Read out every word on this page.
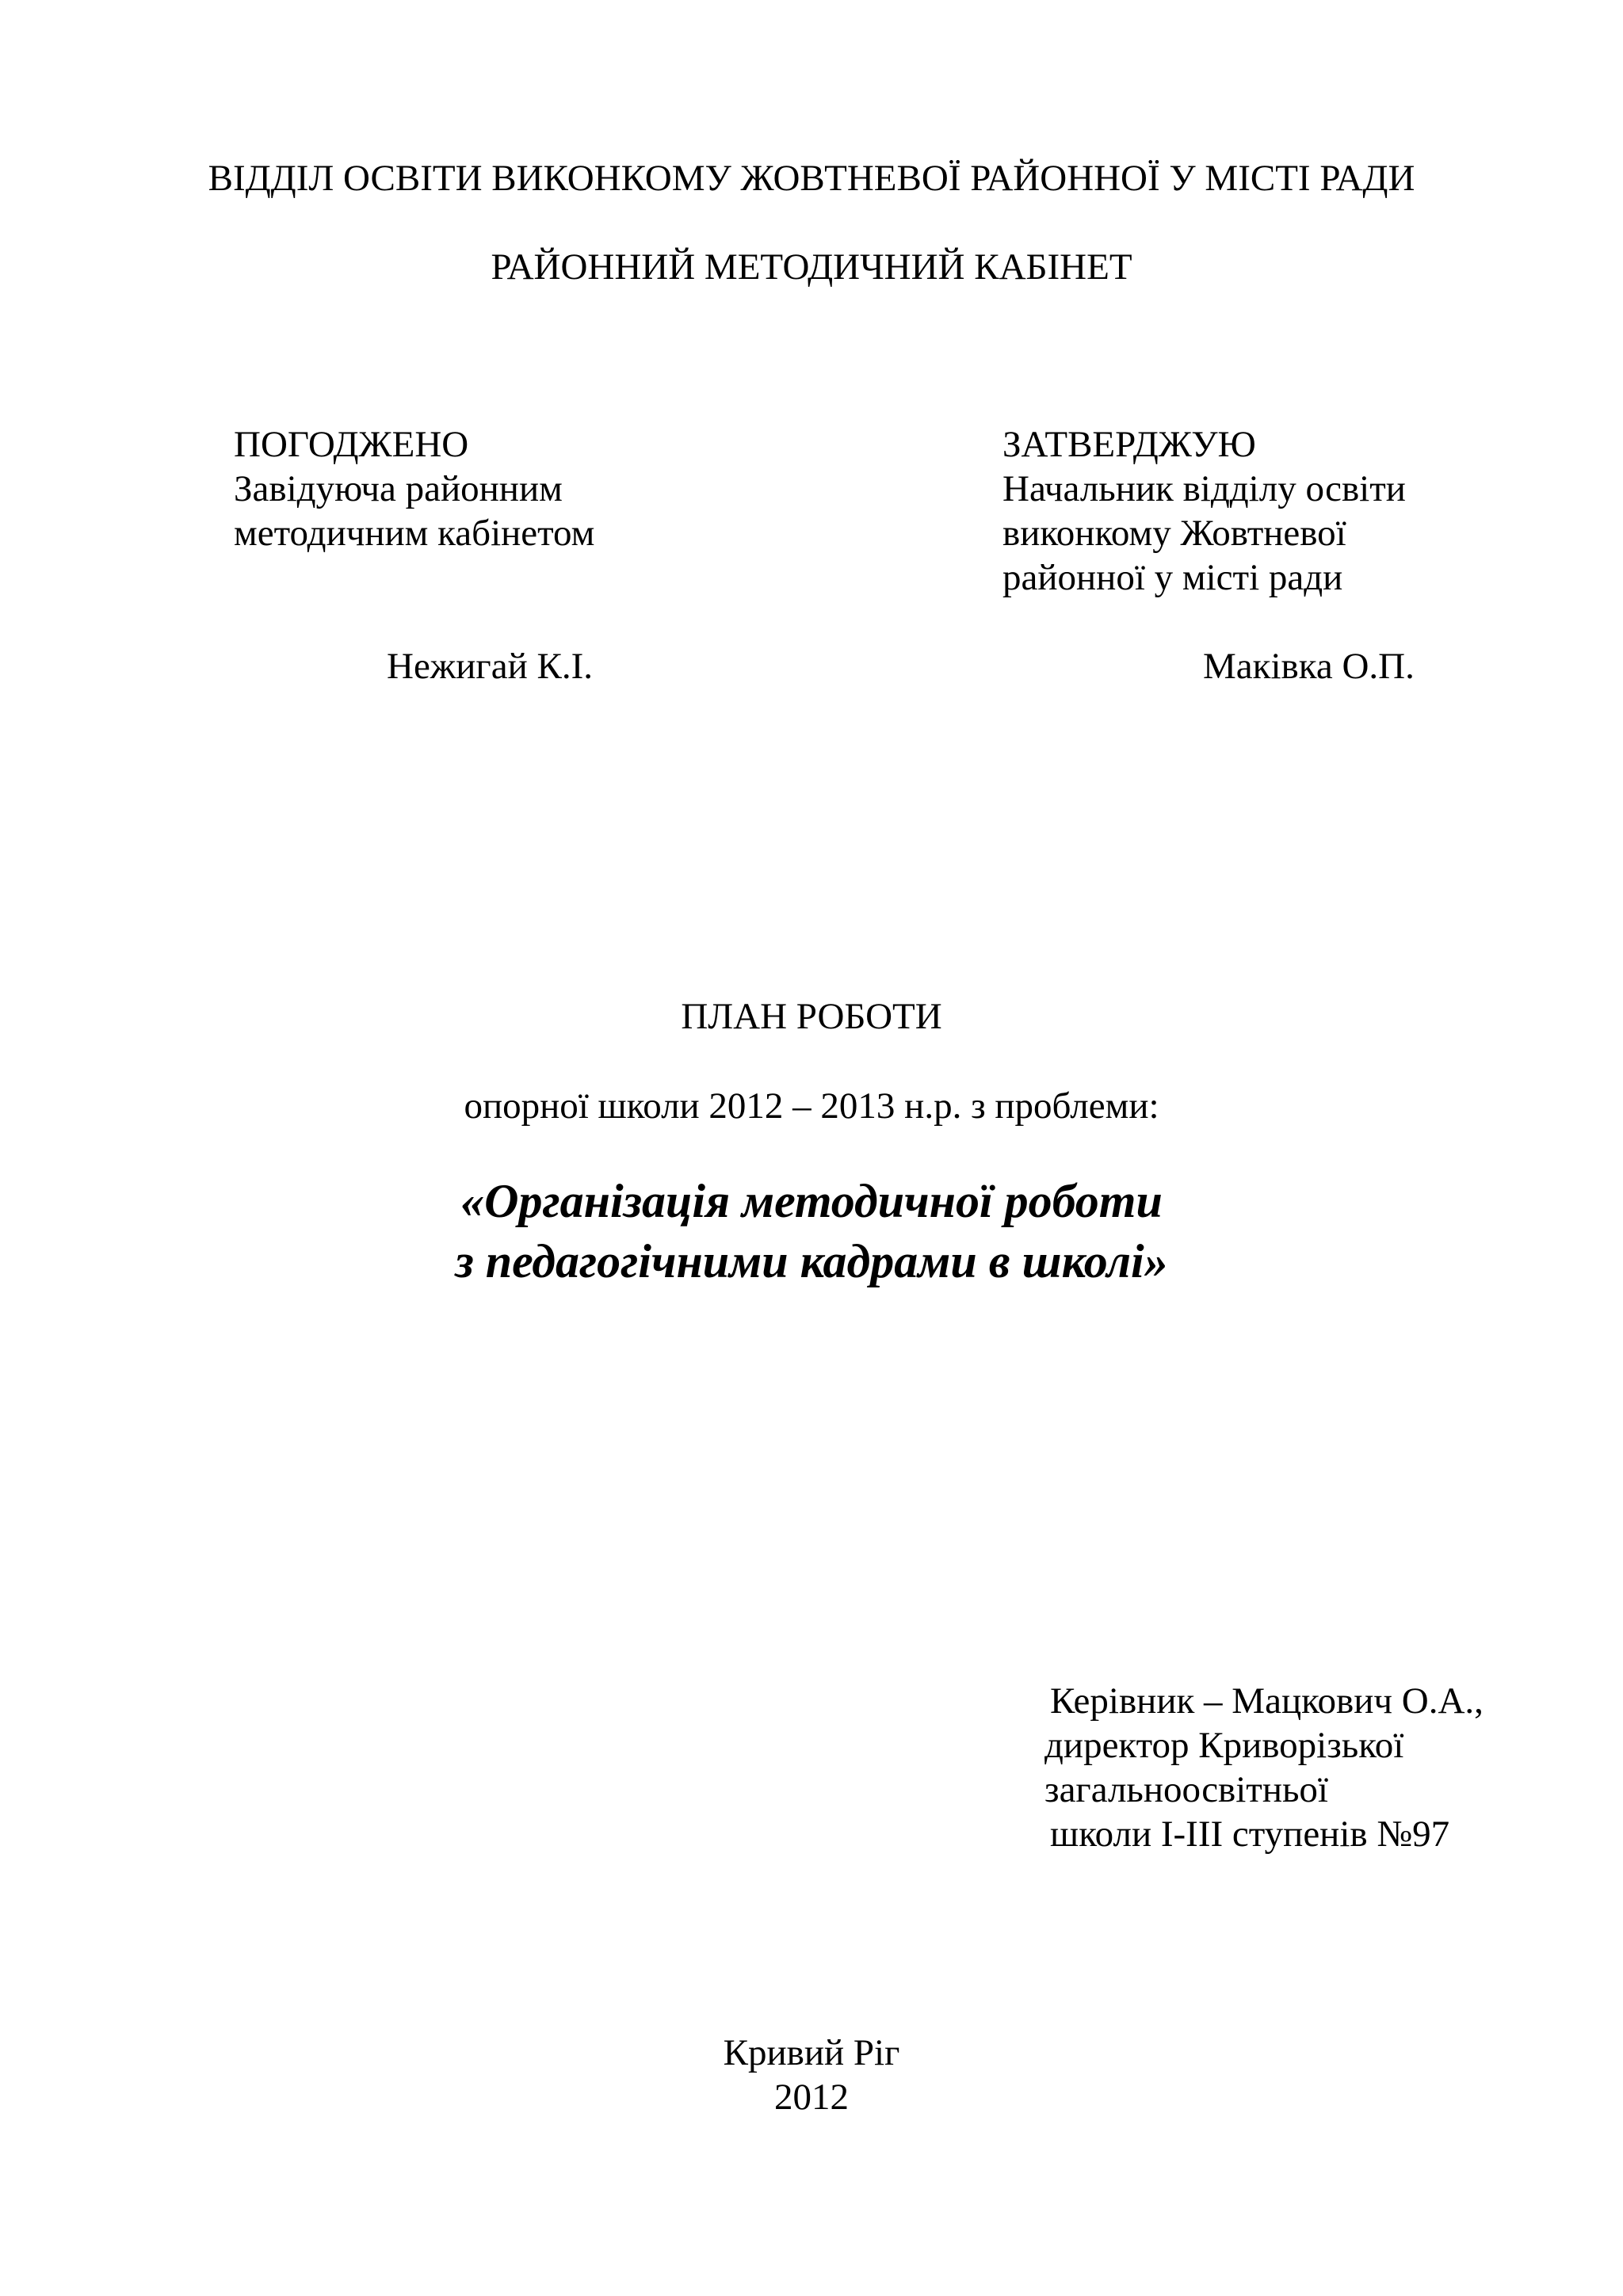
ВІДДІЛ ОСВІТИ ВИКОНКОМУ ЖОВТНЕВОЇ РАЙОННОЇ У МІСТІ РАДИ
РАЙОННИЙ МЕТОДИЧНИЙ КАБІНЕТ
ПОГОДЖЕНО
Завідуюча районним
методичним кабінетом
Нежигай К.І.
ЗАТВЕРДЖУЮ
Начальник відділу освіти
виконкому Жовтневої
районної у місті ради
Маківка О.П.
ПЛАН РОБОТИ
опорної школи 2012 – 2013 н.р. з проблеми:
«Організація методичної роботи
з педагогічними кадрами в школі»
Керівник – Мацкович О.А.,
директор Криворізької
загальноосвітньої
школи І-ІІІ ступенів №97
Кривий Ріг
2012
